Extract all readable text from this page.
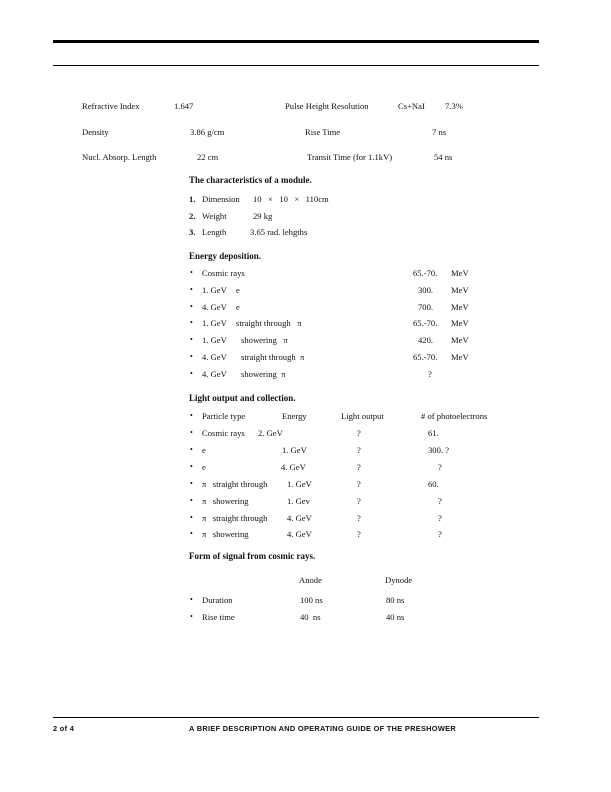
Refractive Index	1.647	Pulse Height Resolution	Cs+NaI 7.3%
Density	3.86 g/cm	Rise Time	7 ns
Nucl. Absorp. Length	22 cm	Transit Time (for 1.1kV)	54 ns
The characteristics of a module.
1. Dimension 10   ×   10   ×   110cm
2. Weight	29 kg
3. Length	3.65 rad. lehgths
Energy deposition.
• Cosmic rays	65.-70. MeV
• 1. GeV e	300. MeV
• 4. GeV e	700. MeV
• 1. GeV straight through   π	65.-70. MeV
• 1. GeV showering   π	420. MeV
• 4. GeV straight through  π	65.-70. MeV
• 4. GeV showering  π	?
Light output and collection.
• Particle type	Energy	Light output	# of photoelectrons
• Cosmic rays 2. GeV	?	61.
• e	1. GeV	?	300. ?
• e	4. GeV	?	?
• π   straight through 1. GeV	?	60.
• π   showering	1. Gev	?	?
• π   straight through 4. GeV	?	?
• π   showering	4. GeV	?	?
Form of signal from cosmic rays.
Anode	Dynode
• Duration	100 ns	80 ns
• Rise time	40  ns	40 ns
2 of 4	A BRIEF DESCRIPTION AND OPERATING GUIDE OF THE PRESHOWER
